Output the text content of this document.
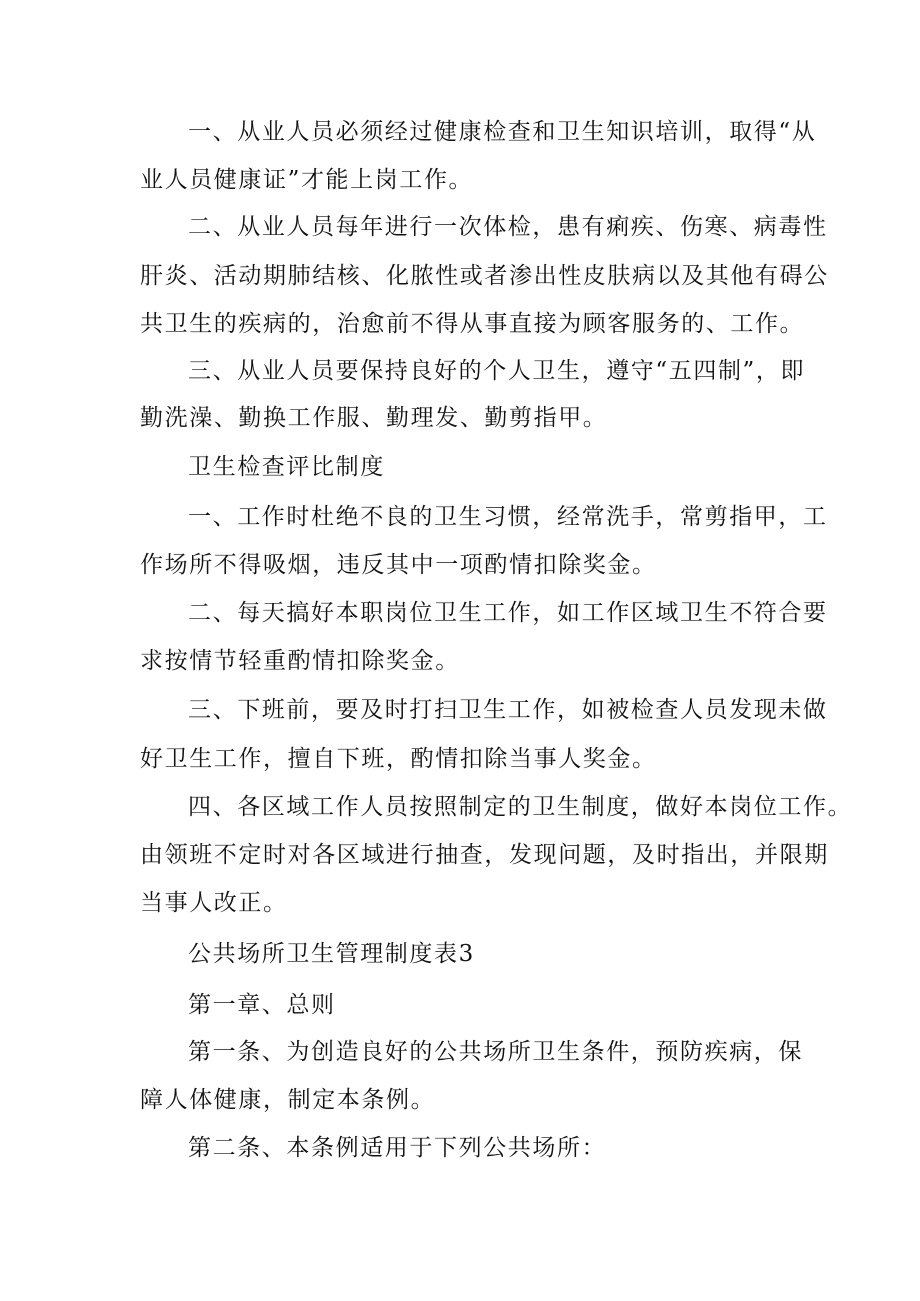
一、从业人员必须经过健康检查和卫生知识培训，取得“从
业人员健康证”才能上岗工作。
二、从业人员每年进行一次体检，患有痢疾、伤寒、病毒性
肝炎、活动期肺结核、化脓性或者渗出性皮肤病以及其他有碍公
共卫生的疾病的，治愈前不得从事直接为顾客服务的、工作。
三、从业人员要保持良好的个人卫生，遵守“五四制”，即
勤洗澡、勤换工作服、勤理发、勤剪指甲。
卫生检查评比制度
一、工作时杜绝不良的卫生习惯，经常洗手，常剪指甲，工
作场所不得吸烟，违反其中一项酌情扣除奖金。
二、每天搞好本职岗位卫生工作，如工作区域卫生不符合要
求按情节轻重酌情扣除奖金。
三、下班前，要及时打扫卫生工作，如被检查人员发现未做
好卫生工作，擅自下班，酌情扣除当事人奖金。
四、各区域工作人员按照制定的卫生制度，做好本岗位工作。
由领班不定时对各区域进行抽查，发现问题，及时指出，并限期
当事人改正。
公共场所卫生管理制度表3
第一章、总则
第一条、为创造良好的公共场所卫生条件，预防疾病，保
障人体健康，制定本条例。
第二条、本条例适用于下列公共场所：
